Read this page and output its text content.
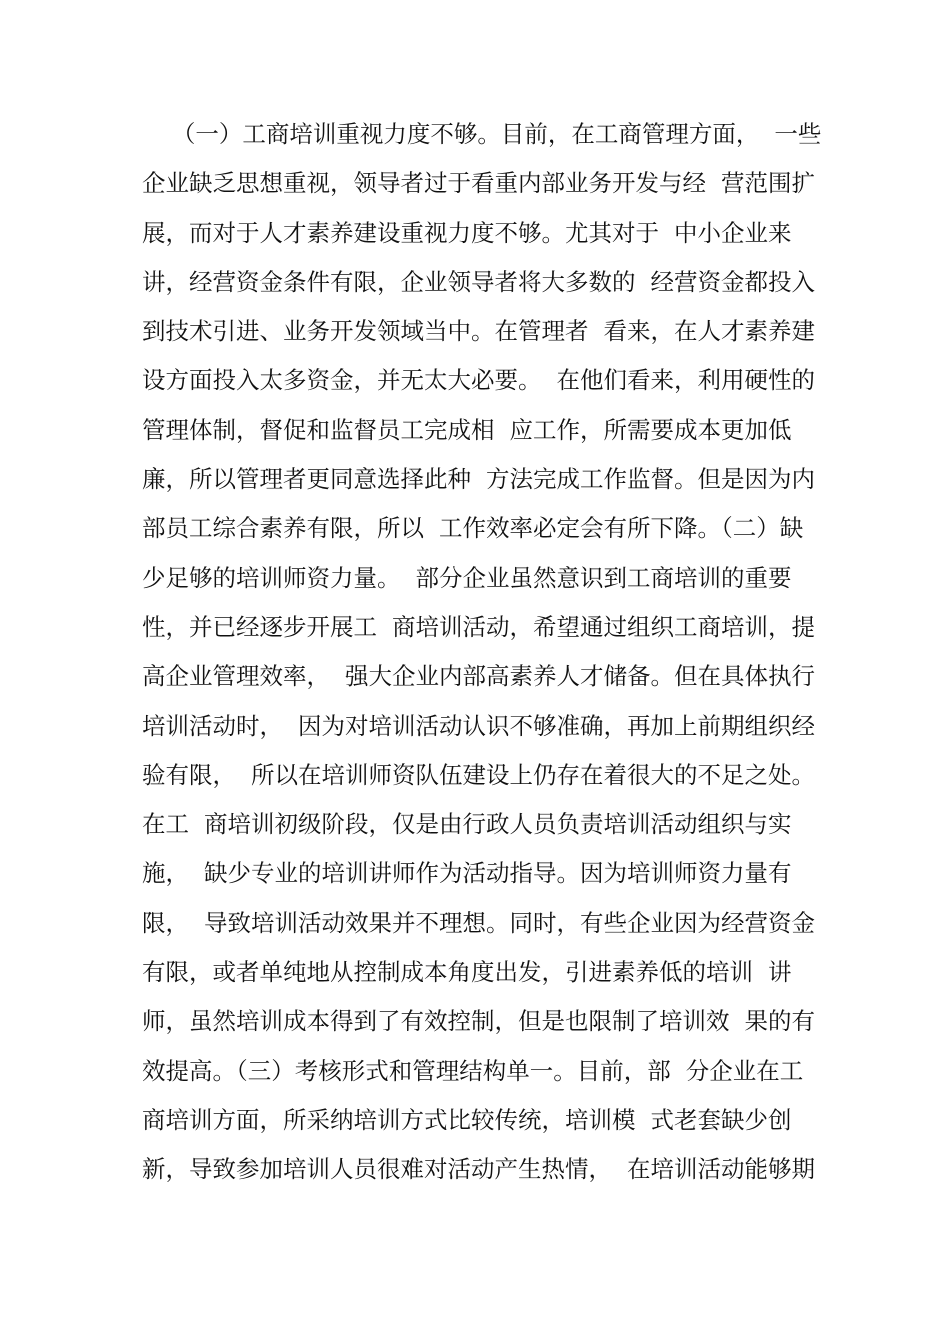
（一）工商培训重视力度不够。目前，在工商管理方面，  一些
企业缺乏思想重视，领导者过于看重内部业务开发与经  营范围扩
展，而对于人才素养建设重视力度不够。尤其对于  中小企业来
讲，经营资金条件有限，企业领导者将大多数的  经营资金都投入
到技术引进、业务开发领域当中。在管理者  看来，在人才素养建
设方面投入太多资金，并无太大必要。  在他们看来，利用硬性的
管理体制，督促和监督员工完成相  应工作，所需要成本更加低
廉，所以管理者更同意选择此种  方法完成工作监督。但是因为内
部员工综合素养有限，所以  工作效率必定会有所下降。（二）缺
少足够的培训师资力量。  部分企业虽然意识到工商培训的重要
性，并已经逐步开展工  商培训活动，希望通过组织工商培训，提
高企业管理效率，  强大企业内部高素养人才储备。但在具体执行
培训活动时，  因为对培训活动认识不够准确，再加上前期组织经
验有限，  所以在培训师资队伍建设上仍存在着很大的不足之处。
在工  商培训初级阶段，仅是由行政人员负责培训活动组织与实
施，  缺少专业的培训讲师作为活动指导。因为培训师资力量有
限，  导致培训活动效果并不理想。同时，有些企业因为经营资金
有限，或者单纯地从控制成本角度出发，引进素养低的培训  讲
师，虽然培训成本得到了有效控制，但是也限制了培训效  果的有
效提高。（三）考核形式和管理结构单一。目前，部  分企业在工
商培训方面，所采纳培训方式比较传统，培训模  式老套缺少创
新，导致参加培训人员很难对活动产生热情，  在培训活动能够期
